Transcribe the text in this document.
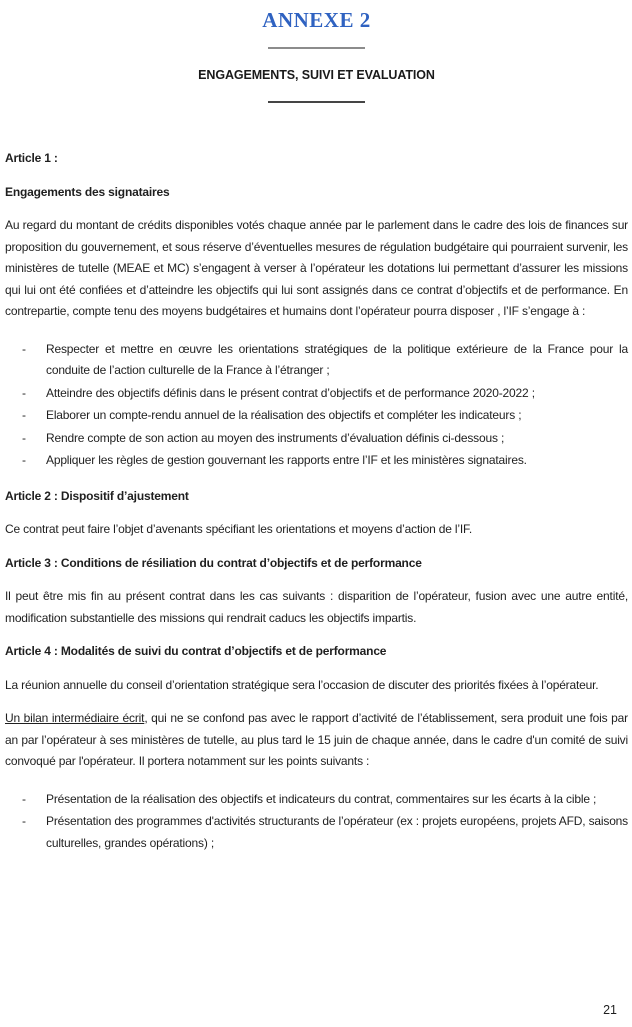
ANNEXE 2
ENGAGEMENTS, SUIVI ET EVALUATION
Article 1 :
Engagements des signataires

Au regard du montant de crédits disponibles votés chaque année par le parlement dans le cadre des lois de finances sur proposition du gouvernement, et sous réserve d’éventuelles mesures de régulation budgétaire qui pourraient survenir, les ministères de tutelle (MEAE et MC) s’engagent à verser à l’opérateur les dotations lui permettant d’assurer les missions qui lui ont été confiées et d’atteindre les objectifs qui lui sont assignés dans ce contrat d’objectifs et de performance. En contrepartie, compte tenu des moyens budgétaires et humains dont l’opérateur pourra disposer , l’IF s’engage à :

-	Respecter et mettre en œuvre les orientations stratégiques de la politique extérieure de la France pour la conduite de l’action culturelle de la France à l’étranger ;
-	Atteindre des objectifs définis dans le présent contrat d’objectifs et de performance 2020-2022 ;
-	Elaborer un compte-rendu annuel de la réalisation des objectifs et compléter les indicateurs ;
-	Rendre compte de son action au moyen des instruments d’évaluation définis ci-dessous ;
-	Appliquer les règles de gestion gouvernant les rapports entre l’IF et les ministères signataires.
Article 2 : Dispositif d’ajustement

Ce contrat peut faire l’objet d’avenants spécifiant les orientations et moyens d’action de l’IF.

Article 3 : Conditions de résiliation du contrat d’objectifs et de performance

Il peut être mis fin au présent contrat dans les cas suivants : disparition de l’opérateur, fusion avec une autre entité, modification substantielle des missions qui rendrait caducs les objectifs impartis.

Article 4 : Modalités de suivi du contrat d’objectifs et de performance

La réunion annuelle du conseil d’orientation stratégique sera l’occasion de discuter des priorités fixées à l’opérateur.

Un bilan intermédiaire écrit, qui ne se confond pas avec le rapport d’activité de l’établissement, sera produit une fois par an par l’opérateur à ses ministères de tutelle, au plus tard le 15 juin de chaque année, dans le cadre d'un comité de suivi convoqué par l'opérateur. Il portera notamment sur les points suivants :

-	Présentation de la réalisation des objectifs et indicateurs du contrat, commentaires sur les écarts à la cible ;
-	Présentation des programmes d'activités structurants de l’opérateur (ex : projets européens, projets AFD, saisons culturelles, grandes opérations) ;
21
